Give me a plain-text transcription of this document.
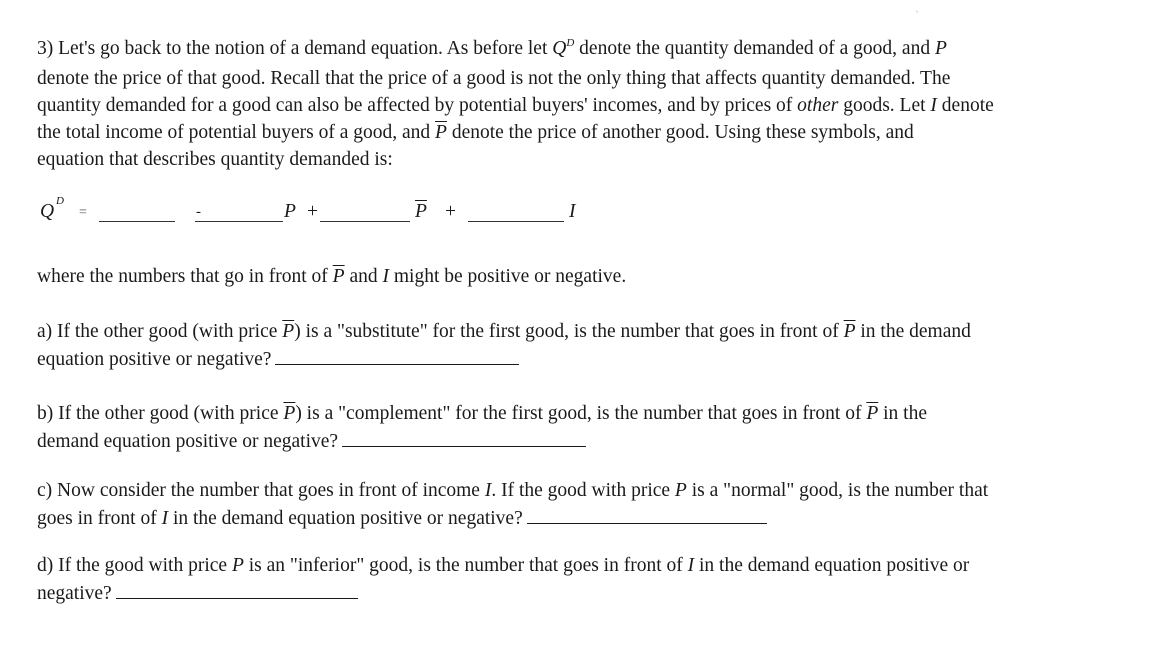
ˎ
3) Let's go back to the notion of a demand equation. As before let $Q^D$ denote the quantity demanded of a good, and P
denote the price of that good. Recall that the price of a good is not the only thing that affects quantity demanded. The
quantity demanded for a good can also be affected by potential buyers' incomes, and by prices of other goods. Let I denote
the total income of potential buyers of a good, and $\overline{P}$ denote the price of another good. Using these symbols, and
equation that describes quantity demanded is:
Q D
=	-	P +	$\overline{P}$ +	I
where the numbers that go in front of $\overline{P}$ and I might be positive or negative.
a) If the other good (with price $\overline{P}$) is a "substitute" for the first good, is the number that goes in front of $\overline{P}$ in the demand
equation positive or negative?
b) If the other good (with price $\overline{P}$) is a "complement" for the first good, is the number that goes in front of $\overline{P}$ in the
demand equation positive or negative?
c) Now consider the number that goes in front of income I. If the good with price P is a "normal" good, is the number that
goes in front of I in the demand equation positive or negative?
d) If the good with price P is an "inferior" good, is the number that goes in front of I in the demand equation positive or
negative?
